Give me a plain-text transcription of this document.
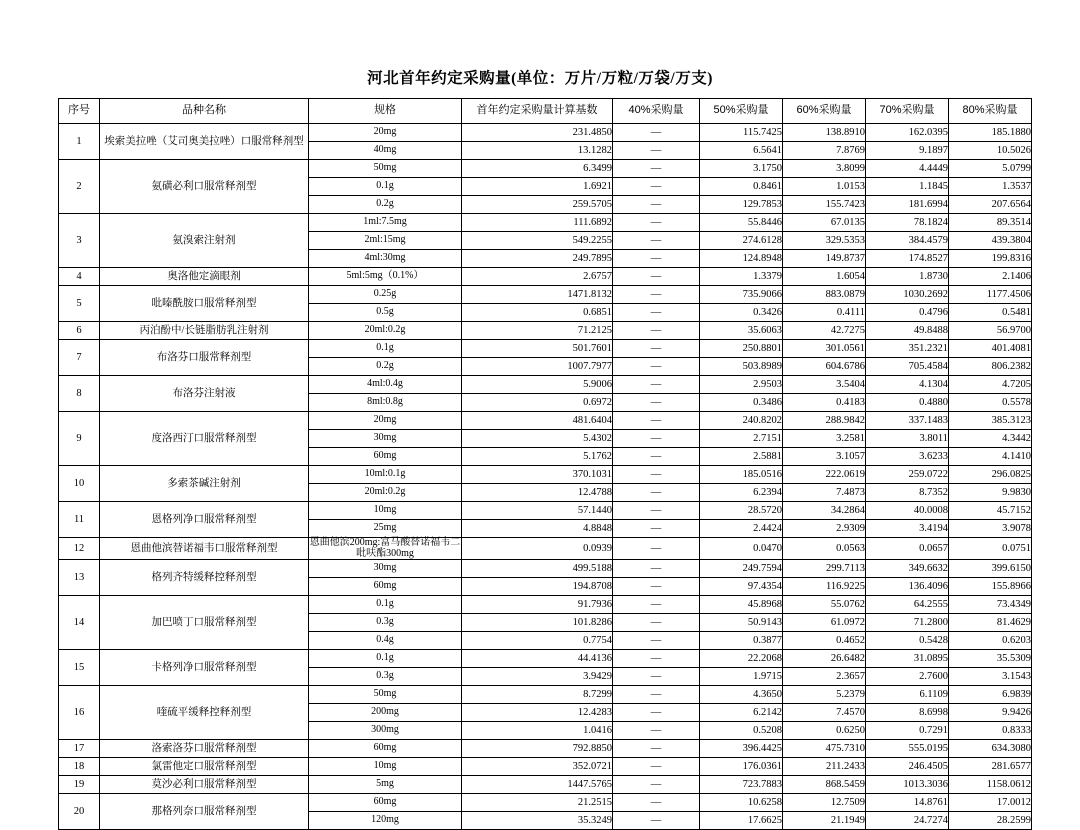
河北首年约定采购量(单位：万片/万粒/万袋/万支)
序号	品种名称	规格	首年约定采购量计算基数	40%采购量	50%采购量	60%采购量	70%采购量	80%采购量
1	埃索美拉唑（艾司奥美拉唑）口服常释剂型	20mg	231.4850	—	115.7425	138.8910	162.0395	185.1880
		40mg	13.1282	—	6.5641	7.8769	9.1897	10.5026
2	氨磺必利口服常释剂型	50mg	6.3499	—	3.1750	3.8099	4.4449	5.0799
		0.1g	1.6921	—	0.8461	1.0153	1.1845	1.3537
		0.2g	259.5705	—	129.7853	155.7423	181.6994	207.6564
3	氨溴索注射剂	1ml:7.5mg	111.6892	—	55.8446	67.0135	78.1824	89.3514
		2ml:15mg	549.2255	—	274.6128	329.5353	384.4579	439.3804
		4ml:30mg	249.7895	—	124.8948	149.8737	174.8527	199.8316
4	奥洛他定滴眼剂	5ml:5mg（0.1%）	2.6757	—	1.3379	1.6054	1.8730	2.1406
5	吡嗪酰胺口服常释剂型	0.25g	1471.8132	—	735.9066	883.0879	1030.2692	1177.4506
		0.5g	0.6851	—	0.3426	0.4111	0.4796	0.5481
6	丙泊酚中/长链脂肪乳注射剂	20ml:0.2g	71.2125	—	35.6063	42.7275	49.8488	56.9700
7	布洛芬口服常释剂型	0.1g	501.7601	—	250.8801	301.0561	351.2321	401.4081
		0.2g	1007.7977	—	503.8989	604.6786	705.4584	806.2382
8	布洛芬注射液	4ml:0.4g	5.9006	—	2.9503	3.5404	4.1304	4.7205
		8ml:0.8g	0.6972	—	0.3486	0.4183	0.4880	0.5578
9	度洛西汀口服常释剂型	20mg	481.6404	—	240.8202	288.9842	337.1483	385.3123
		30mg	5.4302	—	2.7151	3.2581	3.8011	4.3442
		60mg	5.1762	—	2.5881	3.1057	3.6233	4.1410
10	多索茶碱注射剂	10ml:0.1g	370.1031	—	185.0516	222.0619	259.0722	296.0825
		20ml:0.2g	12.4788	—	6.2394	7.4873	8.7352	9.9830
11	恩格列净口服常释剂型	10mg	57.1440	—	28.5720	34.2864	40.0008	45.7152
		25mg	4.8848	—	2.4424	2.9309	3.4194	3.9078
12	恩曲他滨替诺福韦口服常释剂型	恩曲他滨200mg:富马酸替诺福韦二吡呋酯300mg	0.0939	—	0.0470	0.0563	0.0657	0.0751
13	格列齐特缓释控释剂型	30mg	499.5188	—	249.7594	299.7113	349.6632	399.6150
		60mg	194.8708	—	97.4354	116.9225	136.4096	155.8966
14	加巴喷丁口服常释剂型	0.1g	91.7936	—	45.8968	55.0762	64.2555	73.4349
		0.3g	101.8286	—	50.9143	61.0972	71.2800	81.4629
		0.4g	0.7754	—	0.3877	0.4652	0.5428	0.6203
15	卡格列净口服常释剂型	0.1g	44.4136	—	22.2068	26.6482	31.0895	35.5309
		0.3g	3.9429	—	1.9715	2.3657	2.7600	3.1543
16	喹硫平缓释控释剂型	50mg	8.7299	—	4.3650	5.2379	6.1109	6.9839
		200mg	12.4283	—	6.2142	7.4570	8.6998	9.9426
		300mg	1.0416	—	0.5208	0.6250	0.7291	0.8333
17	洛索洛芬口服常释剂型	60mg	792.8850	—	396.4425	475.7310	555.0195	634.3080
18	氯雷他定口服常释剂型	10mg	352.0721	—	176.0361	211.2433	246.4505	281.6577
19	莫沙必利口服常释剂型	5mg	1447.5765	—	723.7883	868.5459	1013.3036	1158.0612
20	那格列奈口服常释剂型	60mg	21.2515	—	10.6258	12.7509	14.8761	17.0012
		120mg	35.3249	—	17.6625	21.1949	24.7274	28.2599
